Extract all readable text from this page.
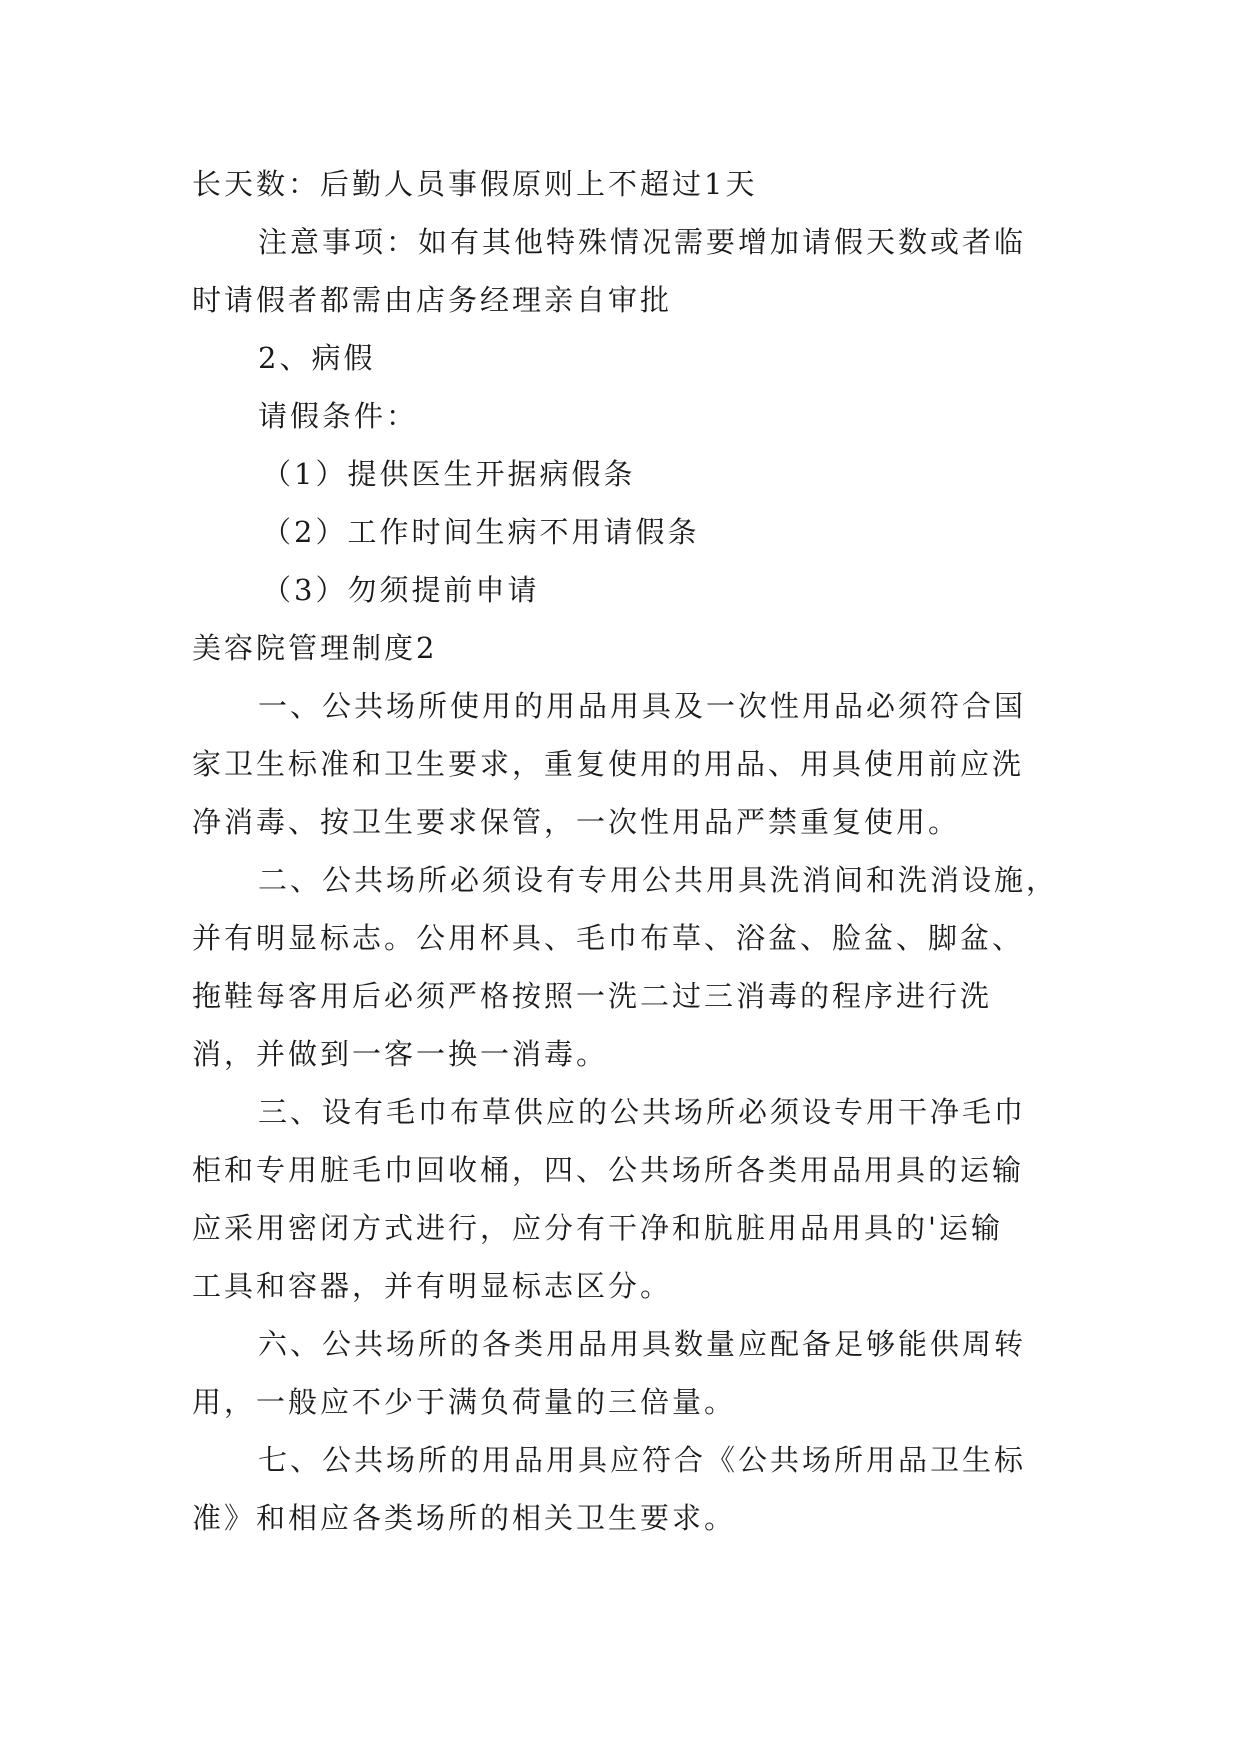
长天数：后勤人员事假原则上不超过1天
注意事项：如有其他特殊情况需要增加请假天数或者临
时请假者都需由店务经理亲自审批
2、病假
请假条件：
（1）提供医生开据病假条
（2）工作时间生病不用请假条
（3）勿须提前申请
美容院管理制度2
一、公共场所使用的用品用具及一次性用品必须符合国
家卫生标准和卫生要求，重复使用的用品、用具使用前应洗
净消毒、按卫生要求保管，一次性用品严禁重复使用。
二、公共场所必须设有专用公共用具洗消间和洗消设施，
并有明显标志。公用杯具、毛巾布草、浴盆、脸盆、脚盆、
拖鞋每客用后必须严格按照一洗二过三消毒的程序进行洗
消，并做到一客一换一消毒。
三、设有毛巾布草供应的公共场所必须设专用干净毛巾
柜和专用脏毛巾回收桶，四、公共场所各类用品用具的运输
应采用密闭方式进行，应分有干净和肮脏用品用具的'运输
工具和容器，并有明显标志区分。
六、公共场所的各类用品用具数量应配备足够能供周转
用，一般应不少于满负荷量的三倍量。
七、公共场所的用品用具应符合《公共场所用品卫生标
准》和相应各类场所的相关卫生要求。
